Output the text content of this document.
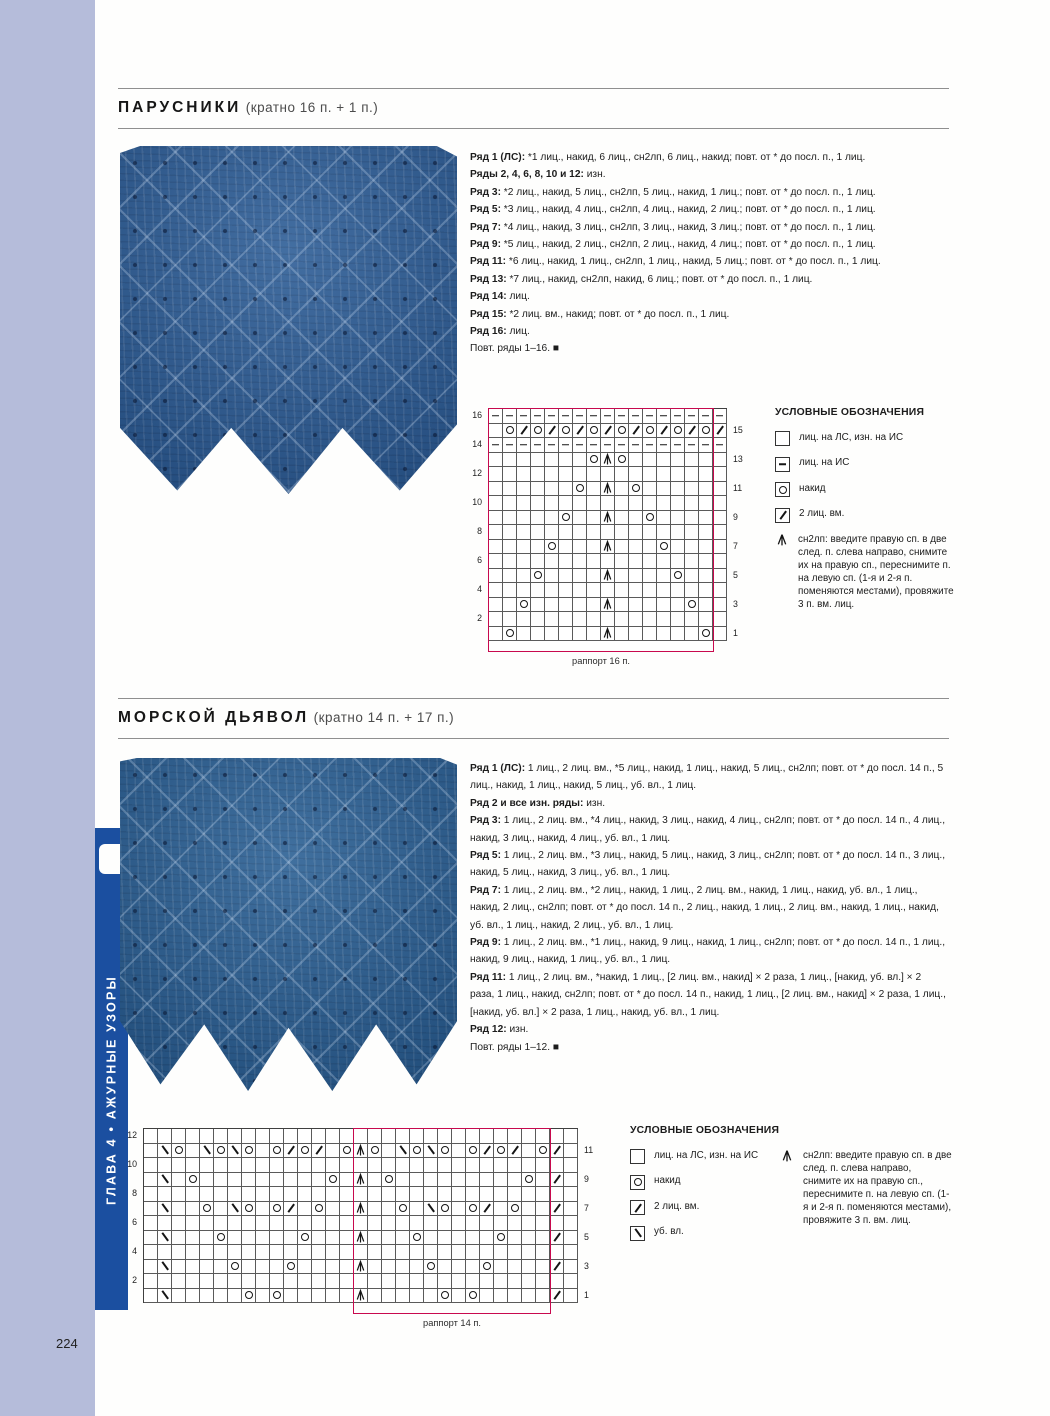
ГЛАВА 4 • АЖУРНЫЕ УЗОРЫ
224
ПАРУСНИКИ (кратно 16 п. + 1 п.)

Ряд 1 (ЛС): *1 лиц., накид, 6 лиц., сн2лп, 6 лиц., накид; повт. от * до посл. п., 1 лиц.

Ряды 2, 4, 6, 8, 10 и 12: изн.

Ряд 3: *2 лиц., накид, 5 лиц., сн2лп, 5 лиц., накид, 1 лиц.; повт. от * до посл. п., 1 лиц.

Ряд 5: *3 лиц., накид, 4 лиц., сн2лп, 4 лиц., накид, 2 лиц.; повт. от * до посл. п., 1 лиц.

Ряд 7: *4 лиц., накид, 3 лиц., сн2лп, 3 лиц., накид, 3 лиц.; повт. от * до посл. п., 1 лиц.

Ряд 9: *5 лиц., накид, 2 лиц., сн2лп, 2 лиц., накид, 4 лиц.; повт. от * до посл. п., 1 лиц.

Ряд 11: *6 лиц., накид, 1 лиц., сн2лп, 1 лиц., накид, 5 лиц.; повт. от * до посл. п., 1 лиц.

Ряд 13: *7 лиц., накид, сн2лп, накид, 6 лиц.; повт. от * до посл. п., 1 лиц.

Ряд 14: лиц.

Ряд 15: *2 лиц. вм., накид; повт. от * до посл. п., 1 лиц.

Ряд 16: лиц.

Повт. ряды 1–16. ■

16
14
12
10
8
6
4
2
раппорт 16 п.
15
13
11
9
7
5
3
1
УСЛОВНЫЕ ОБОЗНАЧЕНИЯ
лиц. на ЛС, изн. на ИС
лиц. на ИС
накид
2 лиц. вм.
сн2лп: введите правую сп. в две след. п. слева направо, снимите их на правую сп., переснимите п. на левую сп. (1-я и 2-я п. поменяются местами), провяжите 3 п. вм. лиц.
МОРСКОЙ ДЬЯВОЛ (кратно 14 п. + 17 п.)

Ряд 1 (ЛС): 1 лиц., 2 лиц. вм., *5 лиц., накид, 1 лиц., накид, 5 лиц., сн2лп; повт. от * до посл. 14 п., 5 лиц., накид, 1 лиц., накид, 5 лиц., уб. вл., 1 лиц.

Ряд 2 и все изн. ряды: изн.

Ряд 3: 1 лиц., 2 лиц. вм., *4 лиц., накид, 3 лиц., накид, 4 лиц., сн2лп; повт. от * до посл. 14 п., 4 лиц., накид, 3 лиц., накид, 4 лиц., уб. вл., 1 лиц.

Ряд 5: 1 лиц., 2 лиц. вм., *3 лиц., накид, 5 лиц., накид, 3 лиц., сн2лп; повт. от * до посл. 14 п., 3 лиц., накид, 5 лиц., накид, 3 лиц., уб. вл., 1 лиц.

Ряд 7: 1 лиц., 2 лиц. вм., *2 лиц., накид, 1 лиц., 2 лиц. вм., накид, 1 лиц., накид, уб. вл., 1 лиц., накид, 2 лиц., сн2лп; повт. от * до посл. 14 п., 2 лиц., накид, 1 лиц., 2 лиц. вм., накид, 1 лиц., накид, уб. вл., 1 лиц., накид, 2 лиц., уб. вл., 1 лиц.

Ряд 9: 1 лиц., 2 лиц. вм., *1 лиц., накид, 9 лиц., накид, 1 лиц., сн2лп; повт. от * до посл. 14 п., 1 лиц., накид, 9 лиц., накид, 1 лиц., уб. вл., 1 лиц.

Ряд 11: 1 лиц., 2 лиц. вм., *накид, 1 лиц., [2 лиц. вм., накид] × 2 раза, 1 лиц., [накид, уб. вл.] × 2 раза, 1 лиц., накид, сн2лп; повт. от * до посл. 14 п., накид, 1 лиц., [2 лиц. вм., накид] × 2 раза, 1 лиц., [накид, уб. вл.] × 2 раза, 1 лиц., накид, уб. вл., 1 лиц.

Ряд 12: изн.

Повт. ряды 1–12. ■

12
10
8
6
4
2
раппорт 14 п.
11
9
7
5
3
1
УСЛОВНЫЕ ОБОЗНАЧЕНИЯ
лиц. на ЛС, изн. на ИС
накид
2 лиц. вм.
уб. вл.
сн2лп: введите правую сп. в две след. п. слева направо, снимите их на правую сп., переснимите п. на левую сп. (1-я и 2-я п. поменяются местами), провяжите 3 п. вм. лиц.
